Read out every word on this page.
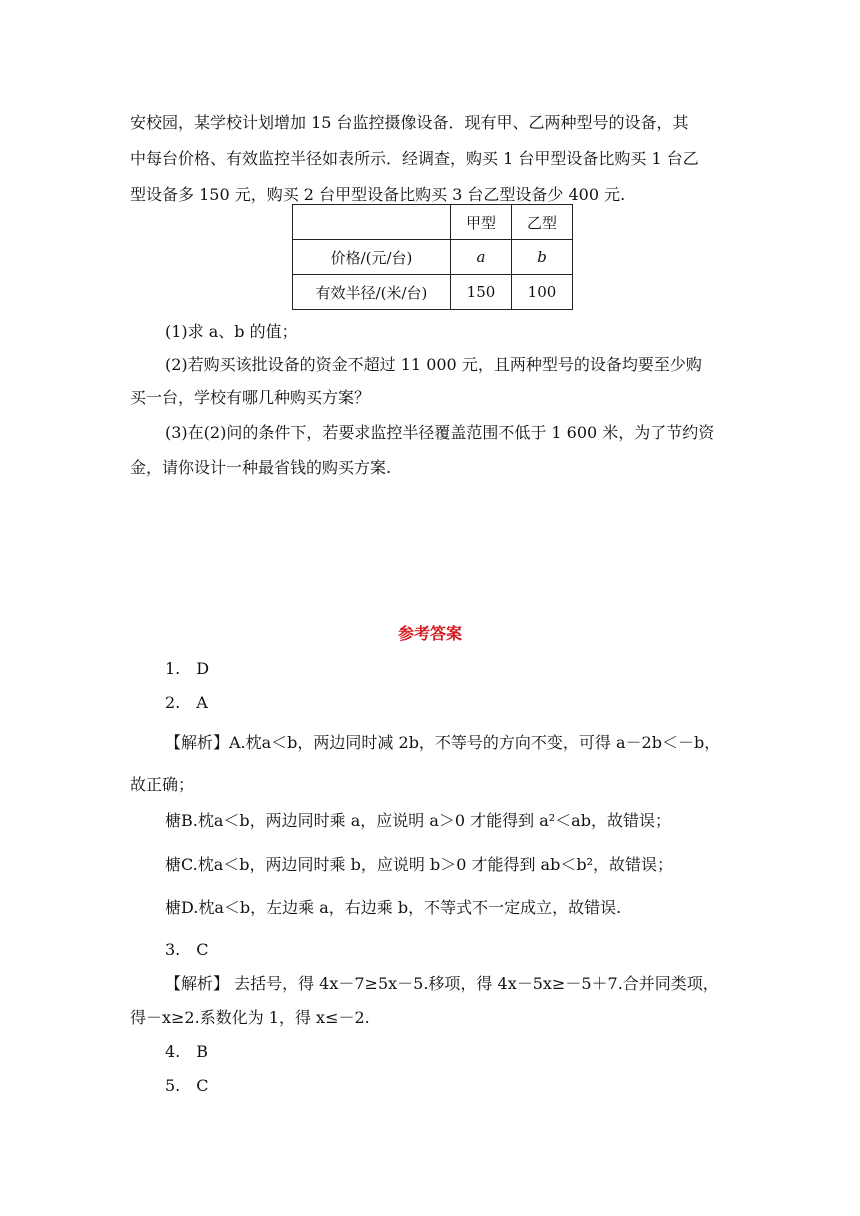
安校园，某学校计划增加 15 台监控摄像设备．现有甲、乙两种型号的设备，其
中每台价格、有效监控半径如表所示．经调查，购买 1 台甲型设备比购买 1 台乙
型设备多 150 元，购买 2 台甲型设备比购买 3 台乙型设备少 400 元.
	甲型	乙型
价格/(元/台)	a	b
有效半径/(米/台)	150	100
(1)求 a、b 的值；
(2)若购买该批设备的资金不超过 11 000 元，且两种型号的设备均要至少购
买一台，学校有哪几种购买方案？
(3)在(2)问的条件下，若要求监控半径覆盖范围不低于 1 600 米，为了节约资
金，请你设计一种最省钱的购买方案.
参考答案
1.　D
2.　A
【解析】A.枕a＜b，两边同时减 2b，不等号的方向不变，可得 a－2b＜－b，
故正确；
榶B.枕a＜b，两边同时乘 a，应说明 a＞0 才能得到 a²＜ab，故错误；
榶C.枕a＜b，两边同时乘 b，应说明 b＞0 才能得到 ab＜b²，故错误；
榶D.枕a＜b，左边乘 a，右边乘 b，不等式不一定成立，故错误.
3.　C
【解析】 去括号，得 4x－7≥5x－5.移项，得 4x－5x≥－5＋7.合并同类项，
得－x≥2.系数化为 1，得 x≤－2.
4.　B
5.　C
